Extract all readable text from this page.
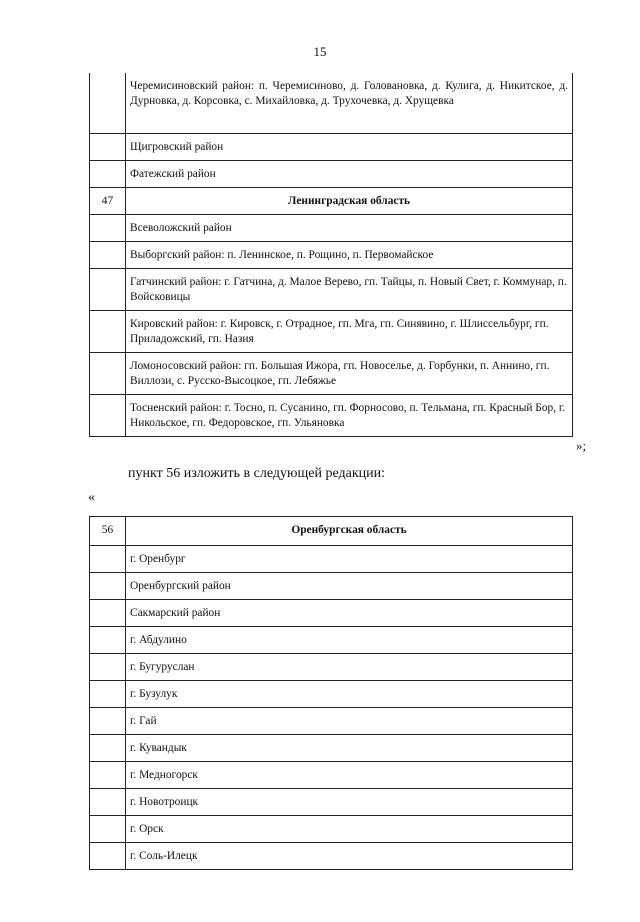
15
	Черемисиновский район: п. Черемисиново, д. Голованoвка, д. Кулига, д. Никитское, д. Дурновка, д. Корсовка, с. Михайловка, д. Трухочевка, д. Хрущевка
	Щигровский район
	Фатежский район
47	Ленинградская область
	Всеволожский район
	Выборгский район: п. Ленинское, п. Рощино, п. Первомайское
	Гатчинский район: г. Гатчина, д. Малое Верево, гп. Тайцы, п. Новый Свет, г. Коммунар, п. Войсковицы
	Кировский район: г. Кировск, г. Отрадное, гп. Мга, гп. Синявино, г. Шлиссельбург, гп. Приладожский, гп. Назия
	Ломоносовский район: гп. Большая Ижора, гп. Новоселье, д. Горбунки, п. Аннино, гп. Виллози, с. Русско-Высоцкое, гп. Лебяжье
	Тосненский район: г. Тосно, п. Сусанино, гп. Форносово, п. Тельмана, гп. Красный Бор, г. Никольское, гп. Федоровское, гп. Ульяновка
»;
пункт 56 изложить в следующей редакции:
«
56	Оренбургская область
	г. Оренбург
	Оренбургский район
	Сакмарский район
	г. Абдулино
	г. Бугуруслан
	г. Бузулук
	г. Гай
	г. Кувандык
	г. Медногорск
	г. Новотроицк
	г. Орск
	г. Соль-Илецк
